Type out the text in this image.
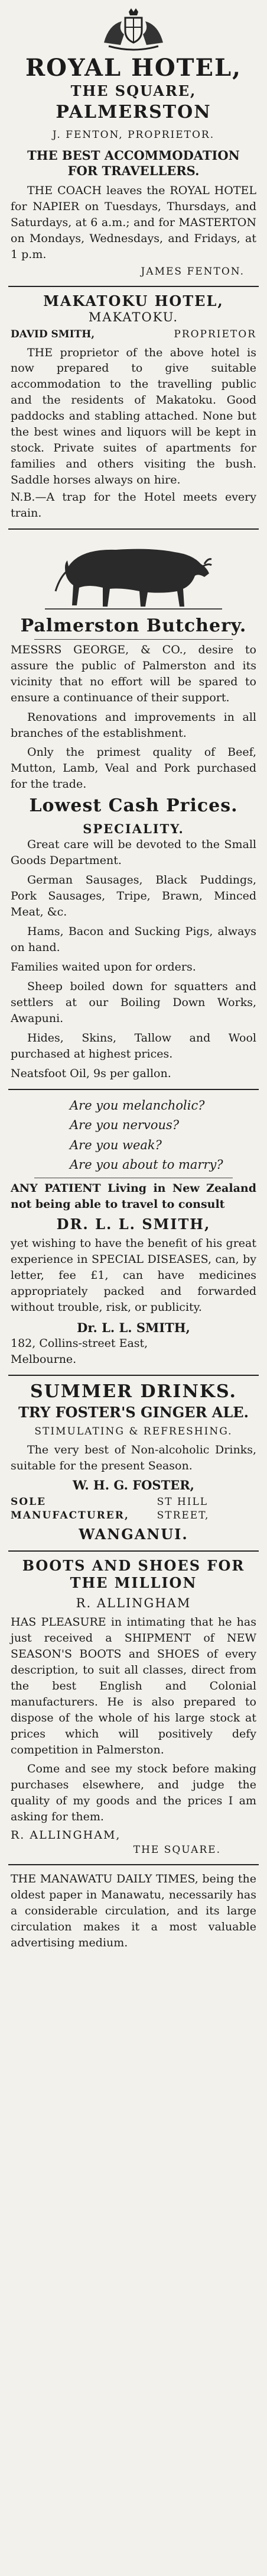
ROYAL HOTEL,
THE SQUARE,
PALMERSTON
J. FENTON, PROPRIETOR.
THE BEST ACCOMMODATION FOR TRAVELLERS.
THE COACH leaves the ROYAL HOTEL for NAPIER on Tuesdays, Thursdays, and Saturdays, at 6 a.m.; and for MASTERTON on Mondays, Wednesdays, and Fridays, at 1 p.m.
JAMES FENTON.
MAKATOKU HOTEL,
MAKATOKU.
DAVID SMITH,	PROPRIETOR
THE proprietor of the above hotel is now prepared to give suitable accommodation to the travelling public and the residents of Makatoku. Good paddocks and stabling attached. None but the best wines and liquors will be kept in stock. Private suites of apartments for families and others visiting the bush. Saddle horses always on hire.
N.B.—A trap for the Hotel meets every train.
Palmerston Butchery.
MESSRS GEORGE, & CO., desire to assure the public of Palmerston and its vicinity that no effort will be spared to ensure a continuance of their support.
Renovations and improvements in all branches of the establishment.
Only the primest quality of Beef, Mutton, Lamb, Veal and Pork purchased for the trade.
Lowest Cash Prices.
SPECIALITY.
Great care will be devoted to the Small Goods Department.
German Sausages, Black Puddings, Pork Sausages, Tripe, Brawn, Minced Meat, &c.
Hams, Bacon and Sucking Pigs, always on hand.
Families waited upon for orders.
Sheep boiled down for squatters and settlers at our Boiling Down Works, Awapuni.
Hides, Skins, Tallow and Wool purchased at highest prices.
Neatsfoot Oil, 9s per gallon.
Are you melancholic?
Are you nervous?
Are you weak?
Are you about to marry?
ANY PATIENT Living in New Zealand not being able to travel to consult
DR. L. L. SMITH,
yet wishing to have the benefit of his great experience in SPECIAL DISEASES, can, by letter, fee £1, can have medicines appropriately packed and forwarded without trouble, risk, or publicity.
Dr. L. L. SMITH,
182, Collins-street East,
Melbourne.
SUMMER DRINKS.
TRY FOSTER'S GINGER ALE.
STIMULATING & REFRESHING.
The very best of Non-alcoholic Drinks, suitable for the present Season.
W. H. G. FOSTER,
SOLE MANUFACTURER,
ST HILL STREET,
WANGANUI.
BOOTS AND SHOES FOR THE MILLION
R. ALLINGHAM
HAS PLEASURE in intimating that he has just received a SHIPMENT of NEW SEASON'S BOOTS and SHOES of every description, to suit all classes, direct from the best English and Colonial manufacturers. He is also prepared to dispose of the whole of his large stock at prices which will positively defy competition in Palmerston.
Come and see my stock before making purchases elsewhere, and judge the quality of my goods and the prices I am asking for them.
R. ALLINGHAM,
THE SQUARE.
THE MANAWATU DAILY TIMES, being the oldest paper in Manawatu, necessarily has a considerable circulation, and its large circulation makes it a most valuable advertising medium.
